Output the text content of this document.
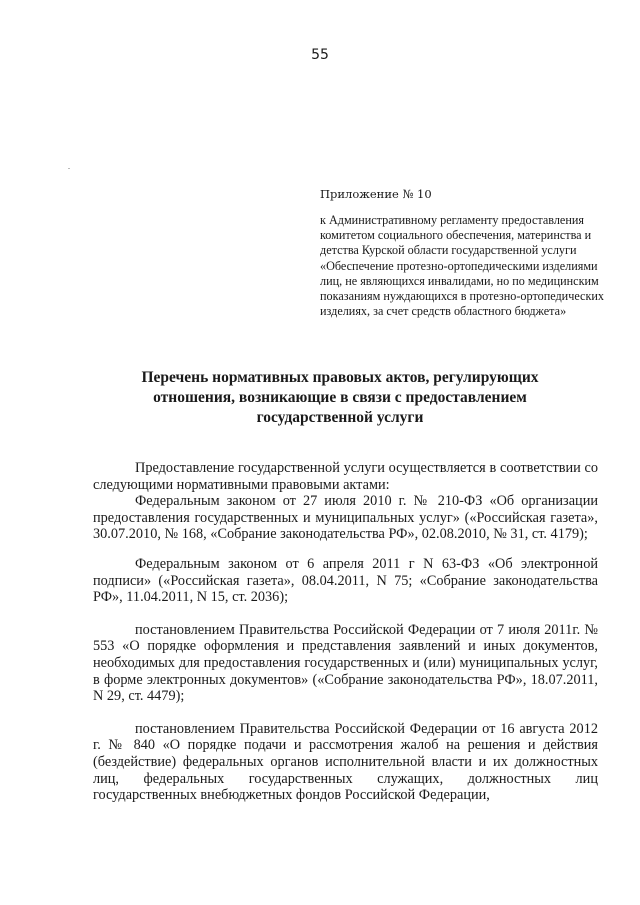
55
Приложение № 10
к Административному регламенту предоставления комитетом социального обеспечения, материнства и детства Курской области государственной услуги «Обеспечение протезно-ортопедическими изделиями лиц, не являющихся инвалидами, но по медицинским показаниям нуждающихся в протезно-ортопедических изделиях, за счет средств областного бюджета»
Перечень нормативных правовых актов, регулирующих отношения, возникающие в связи с предоставлением государственной услуги

Предоставление государственной услуги осуществляется в соответствии со следующими нормативными правовыми актами:

Федеральным законом от 27 июля 2010 г. № 210-ФЗ «Об организации предоставления государственных и муниципальных услуг» («Российская газета», 30.07.2010, № 168, «Собрание законодательства РФ», 02.08.2010, № 31, ст. 4179);

Федеральным законом от 6 апреля 2011 г N 63-ФЗ «Об электронной подписи» («Российская газета», 08.04.2011, N 75; «Собрание законодательства РФ», 11.04.2011, N 15, ст. 2036);

постановлением Правительства Российской Федерации от 7 июля 2011г. № 553 «О порядке оформления и представления заявлений и иных документов, необходимых для предоставления государственных и (или) муниципальных услуг, в форме электронных документов» («Собрание законодательства РФ», 18.07.2011, N 29, ст. 4479);

постановлением Правительства Российской Федерации от 16 августа 2012 г. № 840 «О порядке подачи и рассмотрения жалоб на решения и действия (бездействие) федеральных органов исполнительной власти и их должностных лиц, федеральных государственных служащих, должностных лиц государственных внебюджетных фондов Российской Федерации,
